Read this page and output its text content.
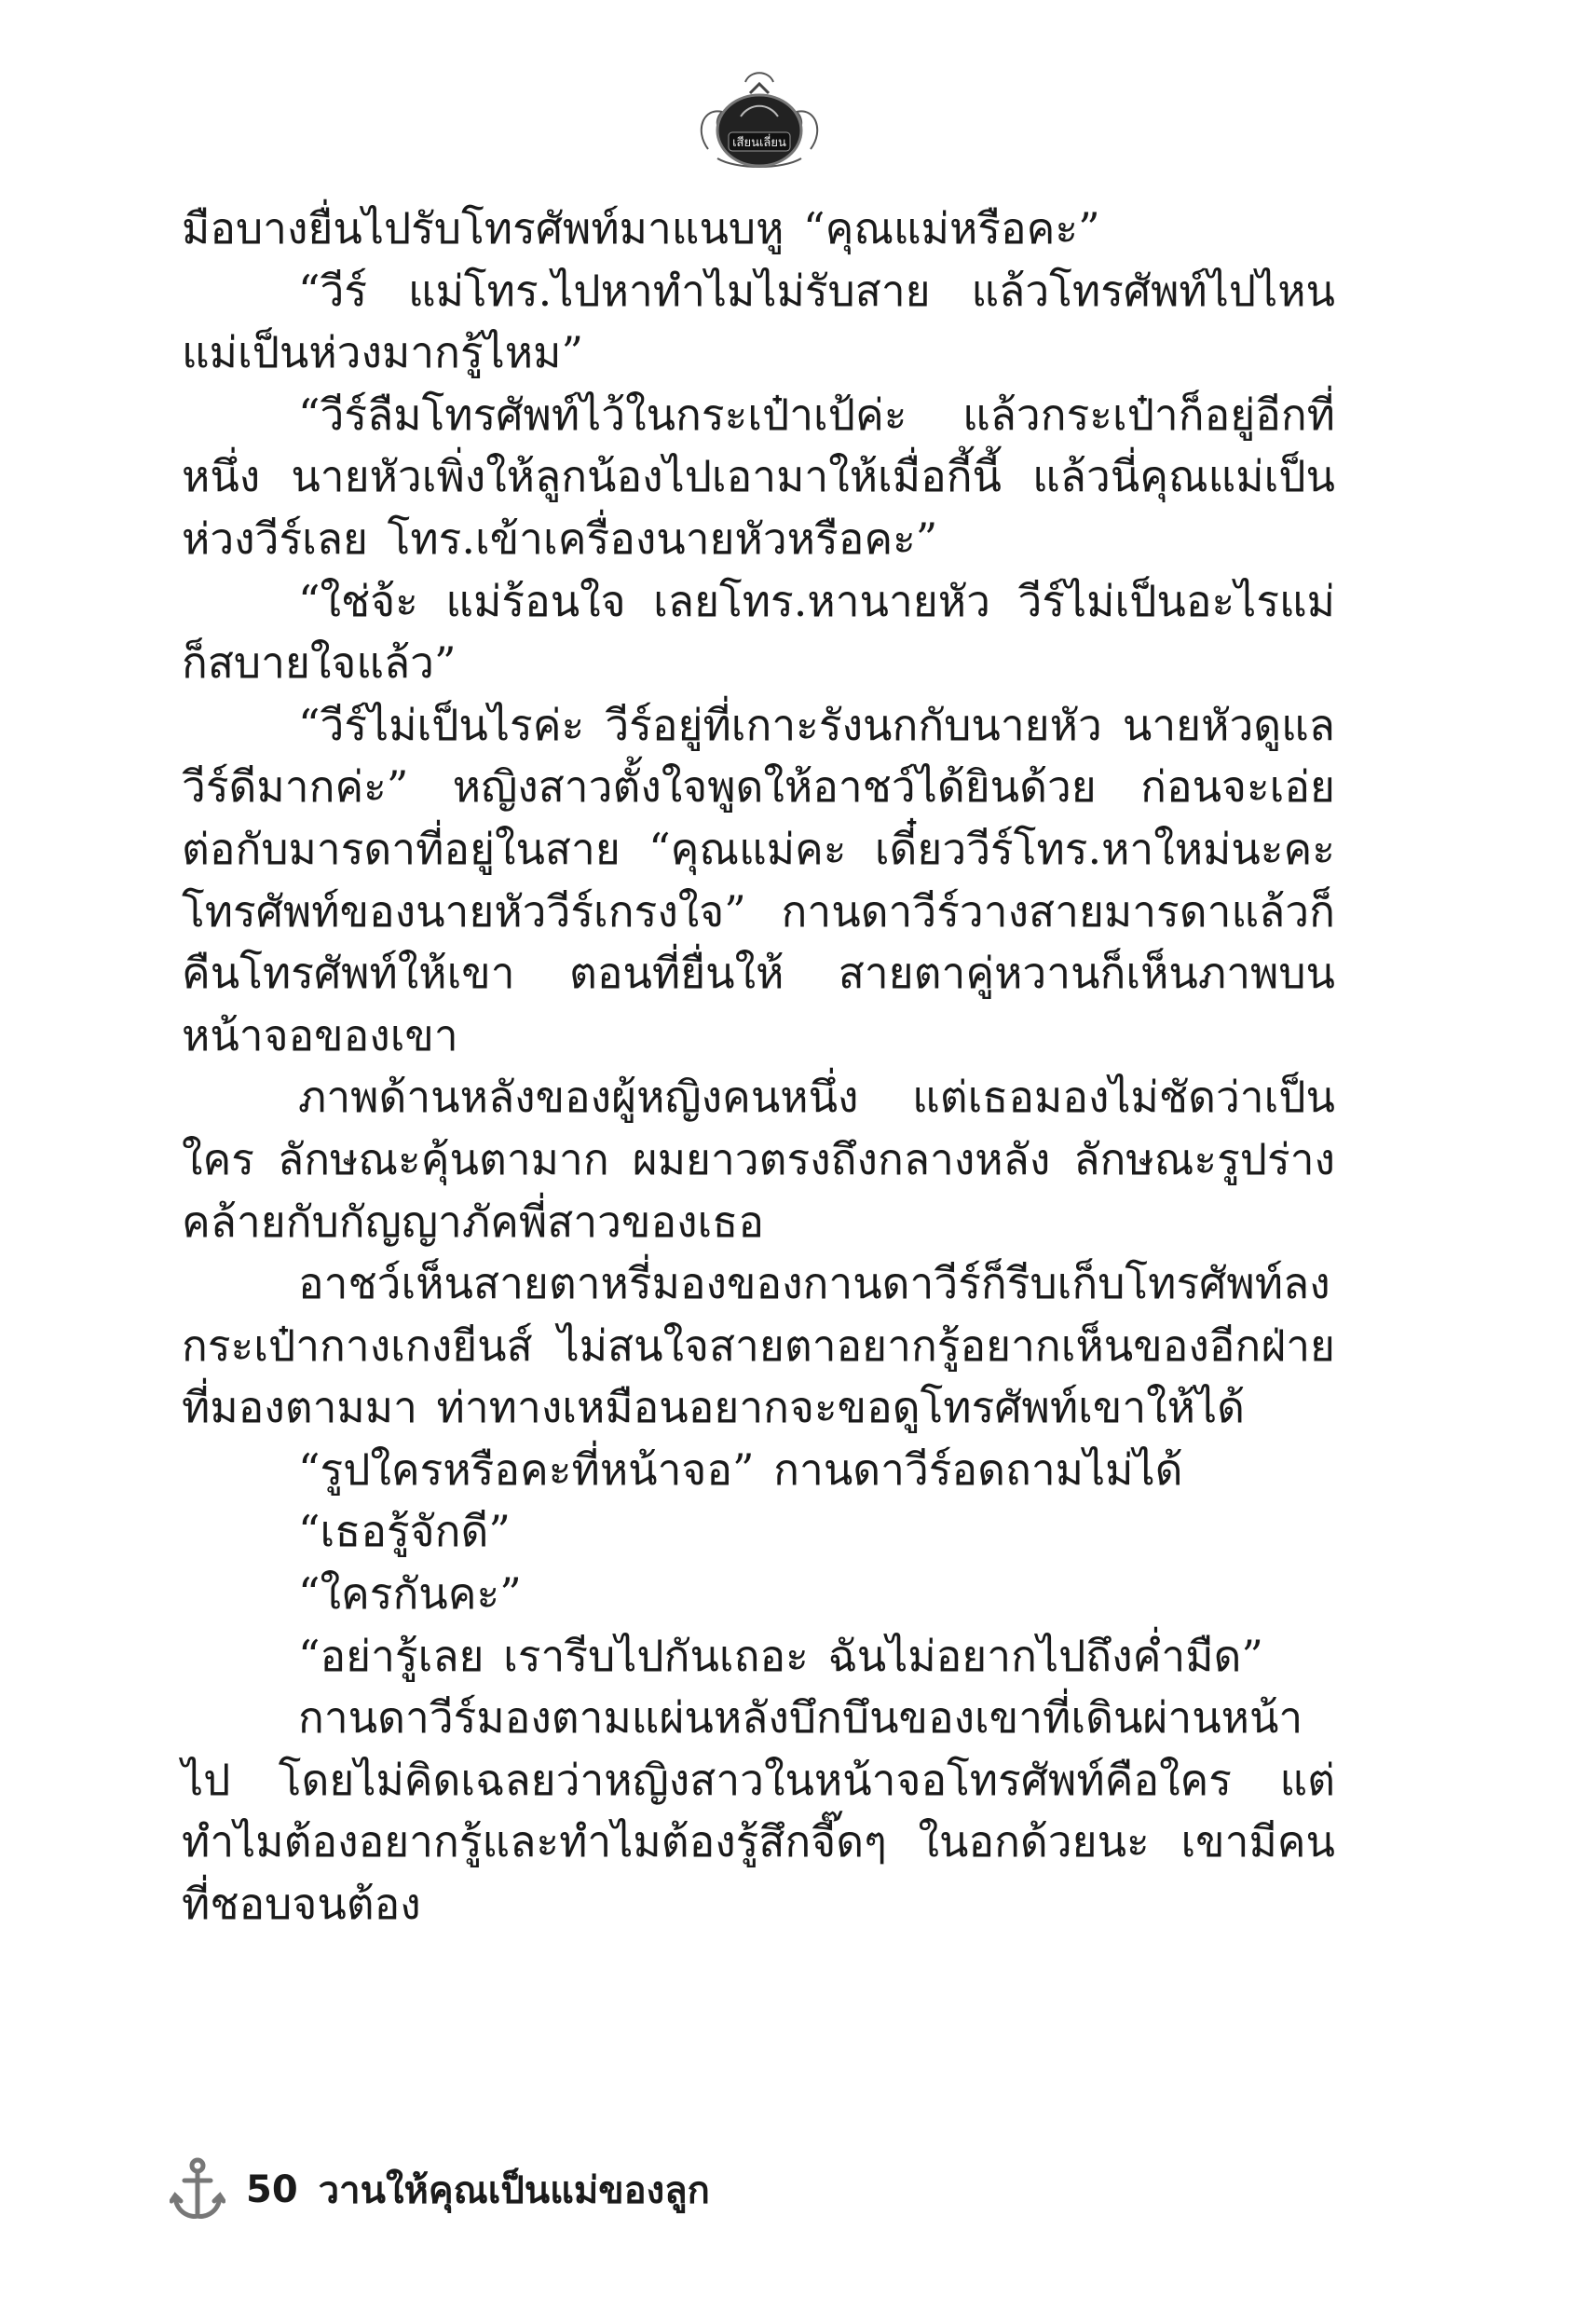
เสียนเลี่ยน

มือบางยื่นไปรับโทรศัพท์มาแนบหู “คุณแม่หรือคะ”

“วีร์ แม่โทร.ไปหาทำไมไม่รับสาย แล้วโทรศัพท์ไปไหน แม่เป็นห่วงมากรู้ไหม”

“วีร์ลืมโทรศัพท์ไว้ในกระเป๋าเป้ค่ะ แล้วกระเป๋าก็อยู่อีกที่หนึ่ง นายหัวเพิ่งให้ลูกน้องไปเอามาให้เมื่อกี้นี้ แล้วนี่คุณแม่เป็นห่วงวีร์เลย โทร.เข้าเครื่องนายหัวหรือคะ”

“ใช่จ้ะ แม่ร้อนใจ เลยโทร.หานายหัว วีร์ไม่เป็นอะไรแม่ก็สบายใจแล้ว”

“วีร์ไม่เป็นไรค่ะ วีร์อยู่ที่เกาะรังนกกับนายหัว นายหัวดูแลวีร์ดีมากค่ะ” หญิงสาวตั้งใจพูดให้อาชว์ได้ยินด้วย ก่อนจะเอ่ยต่อกับมารดาที่อยู่ในสาย “คุณแม่คะ เดี๋ยววีร์โทร.หาใหม่นะคะ โทรศัพท์ของนายหัววีร์เกรงใจ” กานดาวีร์วางสายมารดาแล้วก็คืนโทรศัพท์ให้เขา ตอนที่ยื่นให้ สายตาคู่หวานก็เห็นภาพบนหน้าจอของเขา

ภาพด้านหลังของผู้หญิงคนหนึ่ง แต่เธอมองไม่ชัดว่าเป็นใคร ลักษณะคุ้นตามาก ผมยาวตรงถึงกลางหลัง ลักษณะรูปร่างคล้ายกับกัญญาภัคพี่สาวของเธอ

อาชว์เห็นสายตาหรี่มองของกานดาวีร์ก็รีบเก็บโทรศัพท์ลงกระเป๋ากางเกงยีนส์ ไม่สนใจสายตาอยากรู้อยากเห็นของอีกฝ่ายที่มองตามมา ท่าทางเหมือนอยากจะขอดูโทรศัพท์เขาให้ได้

“รูปใครหรือคะที่หน้าจอ” กานดาวีร์อดถามไม่ได้

“เธอรู้จักดี”

“ใครกันคะ”

“อย่ารู้เลย เรารีบไปกันเถอะ ฉันไม่อยากไปถึงค่ำมืด”

กานดาวีร์มองตามแผ่นหลังบึกบึนของเขาที่เดินผ่านหน้าไป โดยไม่คิดเฉลยว่าหญิงสาวในหน้าจอโทรศัพท์คือใคร แต่ทำไมต้องอยากรู้และทำไมต้องรู้สึกจี๊ดๆ ในอกด้วยนะ เขามีคนที่ชอบจนต้อง

50 วานให้คุณเป็นแม่ของลูก
